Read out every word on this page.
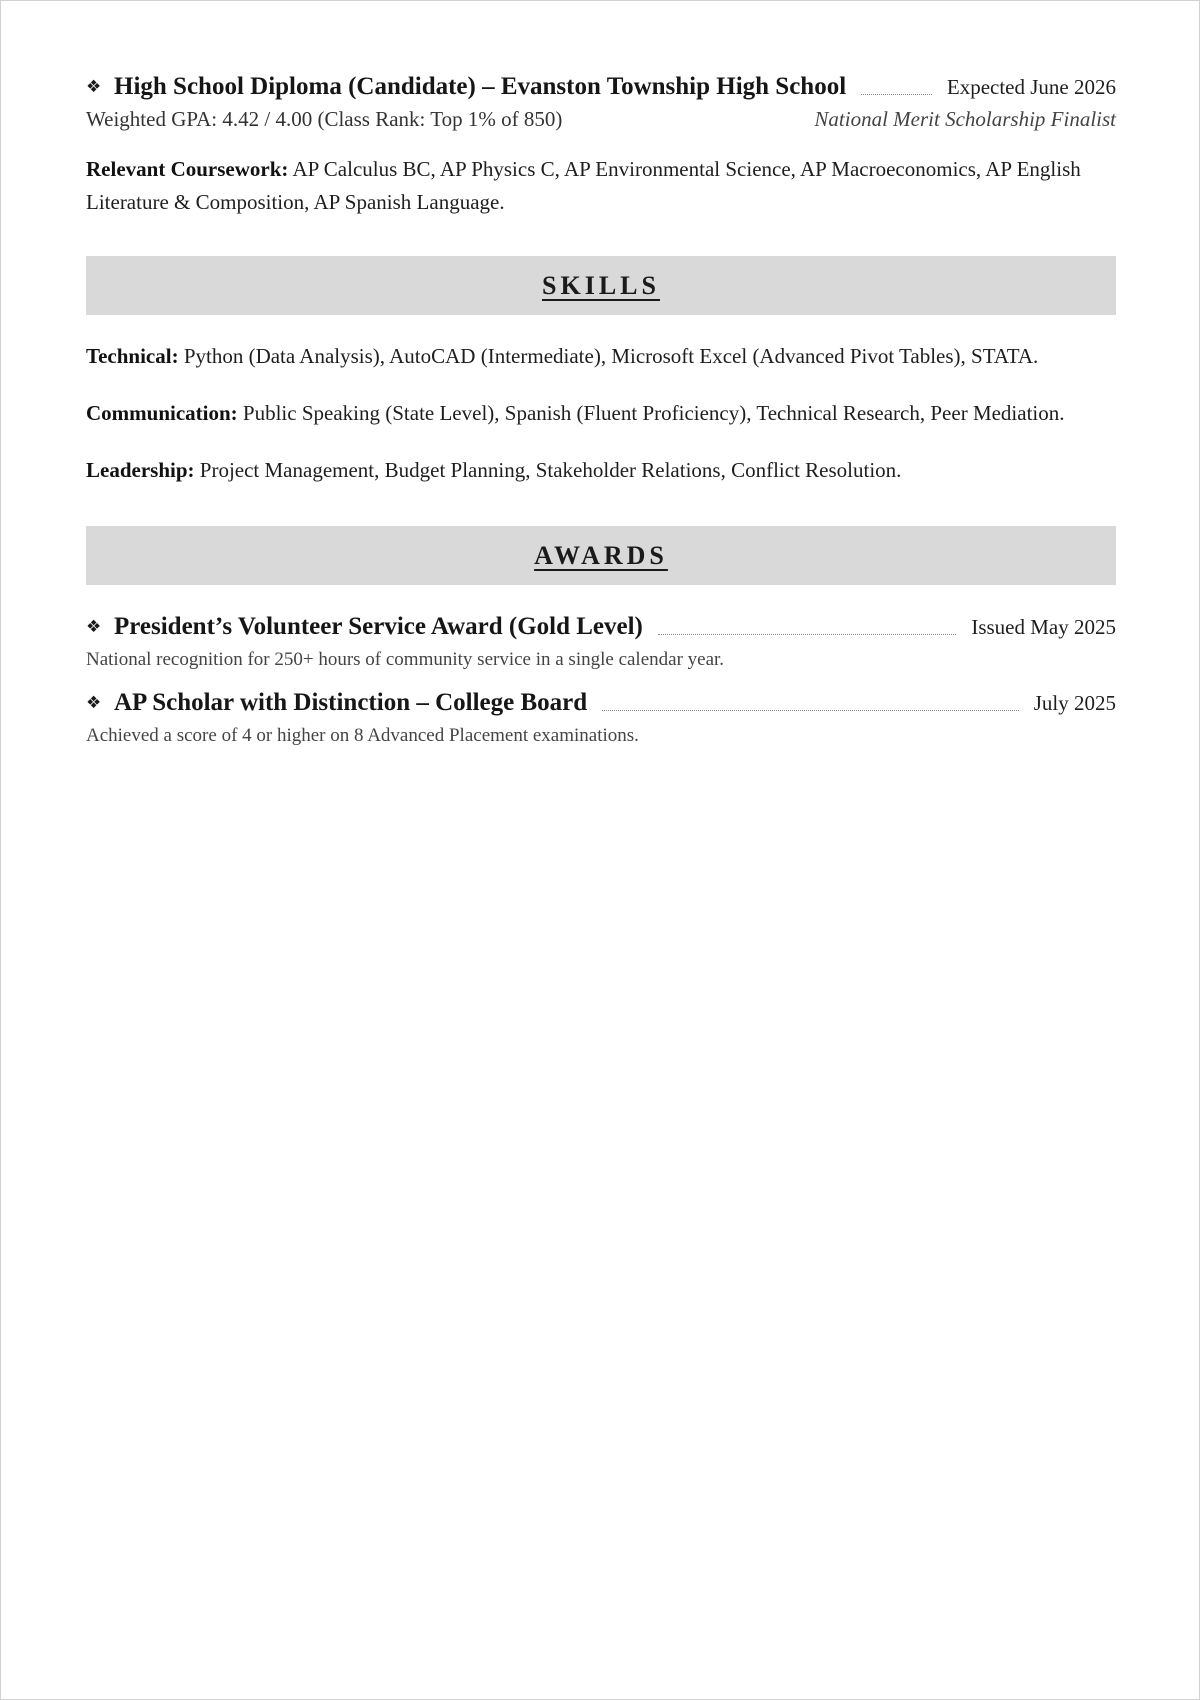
❖ High School Diploma (Candidate) – Evanston Township High School	Expected June 2026
Weighted GPA: 4.42 / 4.00 (Class Rank: Top 1% of 850)	National Merit Scholarship Finalist
Relevant Coursework: AP Calculus BC, AP Physics C, AP Environmental Science, AP Macroeconomics, AP English Literature & Composition, AP Spanish Language.
SKILLS
Technical: Python (Data Analysis), AutoCAD (Intermediate), Microsoft Excel (Advanced Pivot Tables), STATA.
Communication: Public Speaking (State Level), Spanish (Fluent Proficiency), Technical Research, Peer Mediation.
Leadership: Project Management, Budget Planning, Stakeholder Relations, Conflict Resolution.
AWARDS
❖ President’s Volunteer Service Award (Gold Level)	Issued May 2025
National recognition for 250+ hours of community service in a single calendar year.
❖ AP Scholar with Distinction – College Board	July 2025
Achieved a score of 4 or higher on 8 Advanced Placement examinations.
